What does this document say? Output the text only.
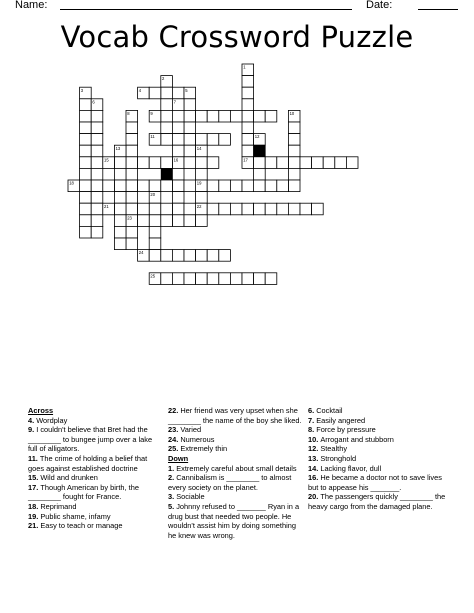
Name:	Date:
Vocab Crossword Puzzle
1
2
3	4	5
6	7
8	9	10
11	12
13	14
15	16	17
18	19
20
21	22
23
24
25
Across
4. Wordplay
9. I couldn't believe that Bret had the ________ to bungee jump over a lake full of alligators.
11. The crime of holding a belief that goes against established doctrine
15. Wild and drunken
17. Though American by birth, the ________ fought for France.
18. Reprimand
19. Public shame, infamy
21. Easy to teach or manage
22. Her friend was very upset when she ________ the name of the boy she liked.
23. Varied
24. Numerous
25. Extremely thin
Down
1. Extremely careful about small details
2. Cannibalism is ________ to almost every society on the planet.
3. Sociable
5. Johnny refused to _______ Ryan in a drug bust that needed two people. He wouldn't assist him by doing something he knew was wrong.
6. Cocktail
7. Easily angered
8. Force by pressure
10. Arrogant and stubborn
12. Stealthy
13. Stronghold
14. Lacking flavor, dull
16. He became a doctor not to save lives but to appease his _______.
20. The passengers quickly ________ the heavy cargo from the damaged plane.
